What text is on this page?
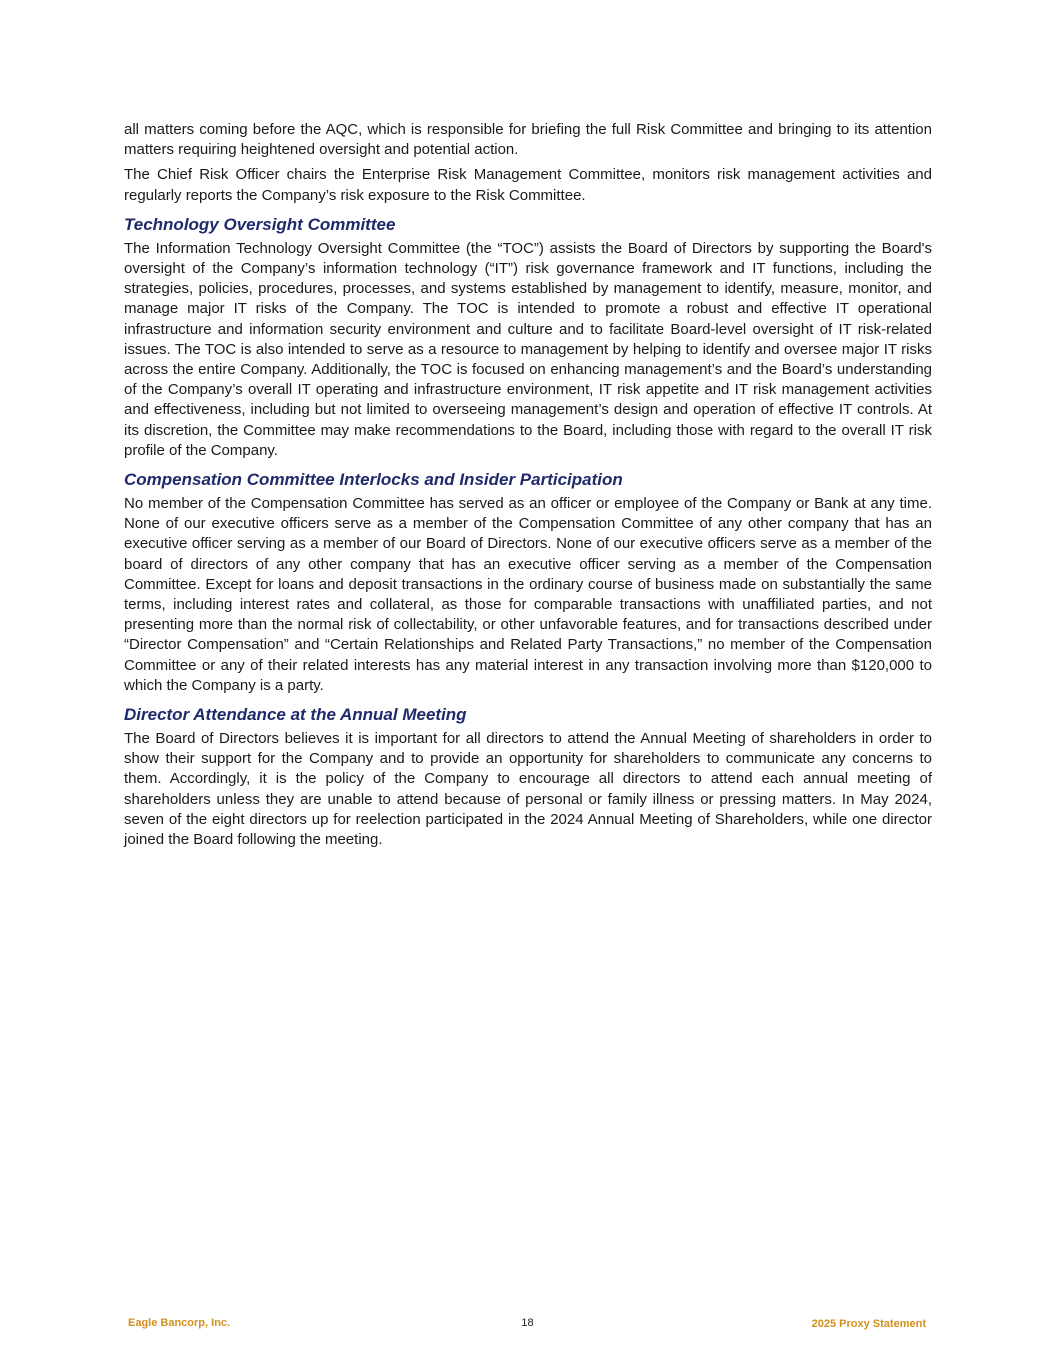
all matters coming before the AQC, which is responsible for briefing the full Risk Committee and bringing to its attention matters requiring heightened oversight and potential action.

The Chief Risk Officer chairs the Enterprise Risk Management Committee, monitors risk management activities and regularly reports the Company’s risk exposure to the Risk Committee.

Technology Oversight Committee

The Information Technology Oversight Committee (the “TOC”) assists the Board of Directors by supporting the Board's oversight of the Company’s information technology (“IT”) risk governance framework and IT functions, including the strategies, policies, procedures, processes, and systems established by management to identify, measure, monitor, and manage major IT risks of the Company. The TOC is intended to promote a robust and effective IT operational infrastructure and information security environment and culture and to facilitate Board-level oversight of IT risk-related issues. The TOC is also intended to serve as a resource to management by helping to identify and oversee major IT risks across the entire Company. Additionally, the TOC is focused on enhancing management’s and the Board’s understanding of the Company’s overall IT operating and infrastructure environment, IT risk appetite and IT risk management activities and effectiveness, including but not limited to overseeing management’s design and operation of effective IT controls. At its discretion, the Committee may make recommendations to the Board, including those with regard to the overall IT risk profile of the Company.

Compensation Committee Interlocks and Insider Participation

No member of the Compensation Committee has served as an officer or employee of the Company or Bank at any time. None of our executive officers serve as a member of the Compensation Committee of any other company that has an executive officer serving as a member of our Board of Directors. None of our executive officers serve as a member of the board of directors of any other company that has an executive officer serving as a member of the Compensation Committee. Except for loans and deposit transactions in the ordinary course of business made on substantially the same terms, including interest rates and collateral, as those for comparable transactions with unaffiliated parties, and not presenting more than the normal risk of collectability, or other unfavorable features, and for transactions described under “Director Compensation” and “Certain Relationships and Related Party Transactions,” no member of the Compensation Committee or any of their related interests has any material interest in any transaction involving more than $120,000 to which the Company is a party.

Director Attendance at the Annual Meeting

The Board of Directors believes it is important for all directors to attend the Annual Meeting of shareholders in order to show their support for the Company and to provide an opportunity for shareholders to communicate any concerns to them. Accordingly, it is the policy of the Company to encourage all directors to attend each annual meeting of shareholders unless they are unable to attend because of personal or family illness or pressing matters. In May 2024, seven of the eight directors up for reelection participated in the 2024 Annual Meeting of Shareholders, while one director joined the Board following the meeting.

Eagle Bancorp, Inc.	18	2025 Proxy Statement
